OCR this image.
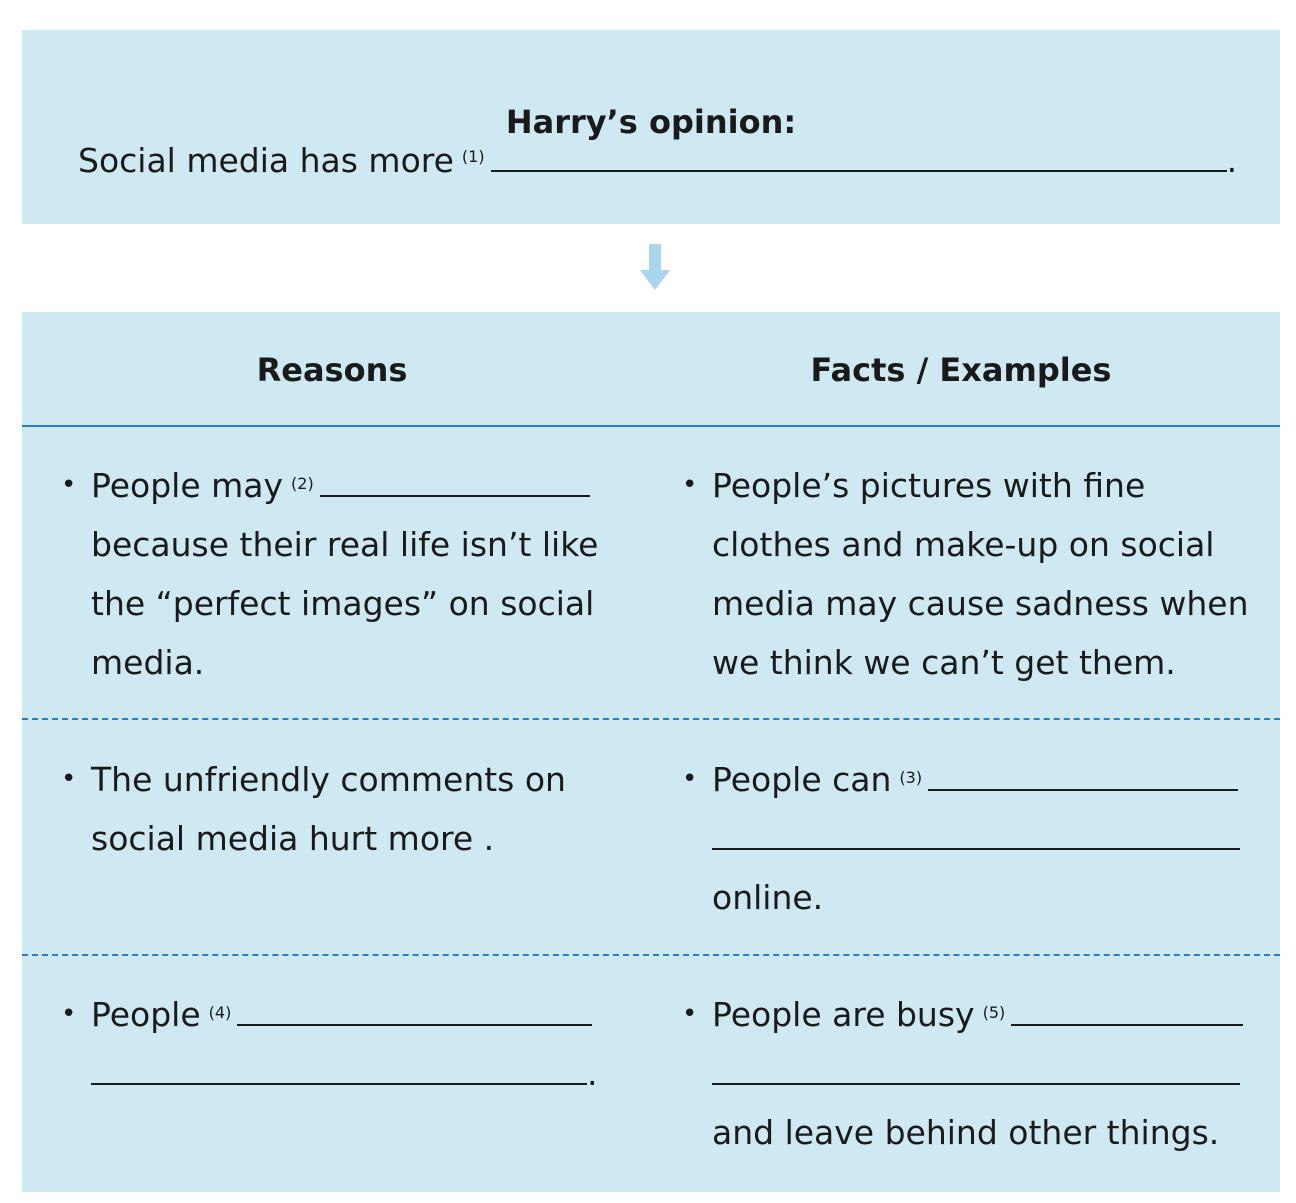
Harry’s opinion:
Social media has more $^{(1)}$	.
Reasons	Facts / Examples
• People may $^{(2)}$
because their real life isn’t like
the “perfect images” on social
media.
• People’s pictures with fine
clothes and make-up on social
media may cause sadness when
we think we can’t get them.
• The unfriendly comments on
social media hurt more .
• People can $^{(3)}$
online.
• People $^{(4)}$
.
• People are busy $^{(5)}$
and leave behind other things.
